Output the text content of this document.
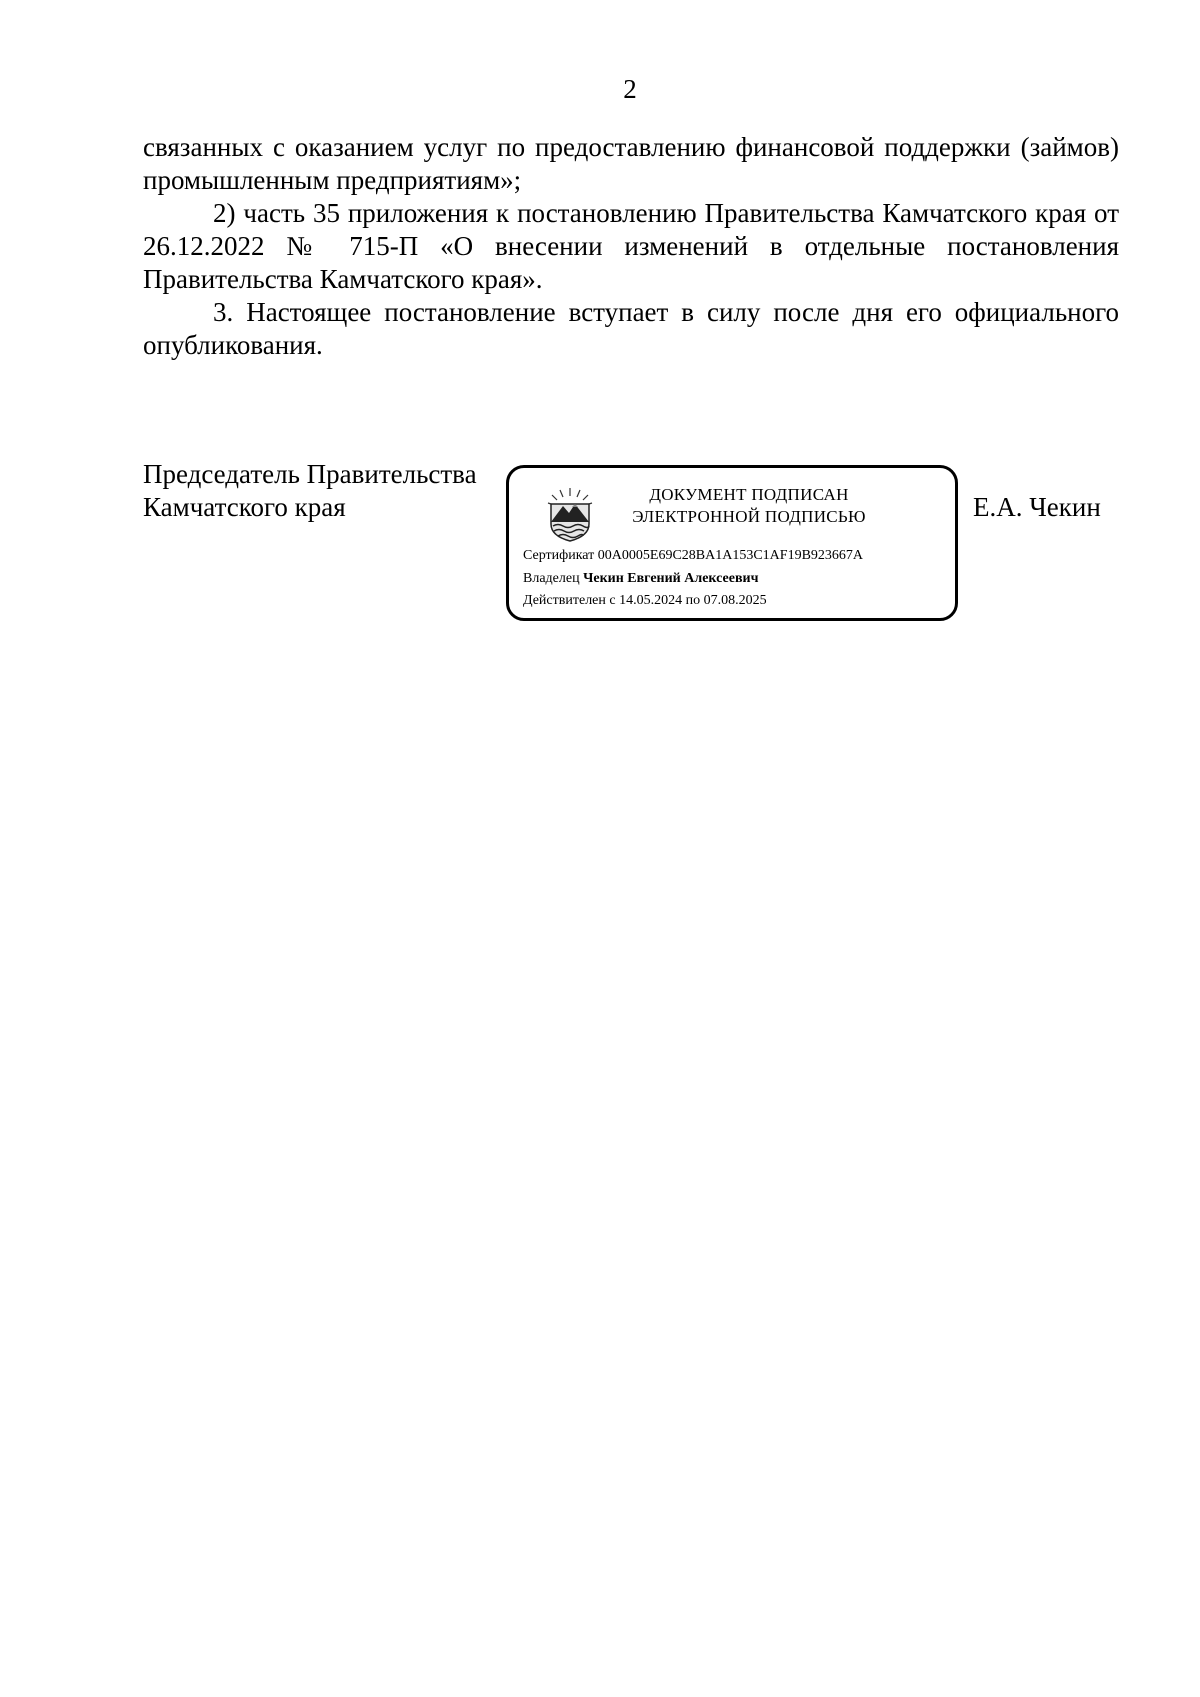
2

связанных с оказанием услуг по предоставлению финансовой поддержки (займов) промышленным предприятиям»;

2) часть 35 приложения к постановлению Правительства Камчатского края от 26.12.2022 № 715-П «О внесении изменений в отдельные постановления Правительства Камчатского края».

3. Настоящее постановление вступает в силу после дня его официального опубликования.

Председатель Правительства
Камчатского края	ДОКУМЕНТ ПОДПИСАН
ЭЛЕКТРОННОЙ ПОДПИСЬЮ
Сертификат 00A0005E69C28BA1A153C1AF19B923667A
Владелец Чекин Евгений Алексеевич
Действителен с 14.05.2024 по 07.08.2025
Е.А. Чекин
